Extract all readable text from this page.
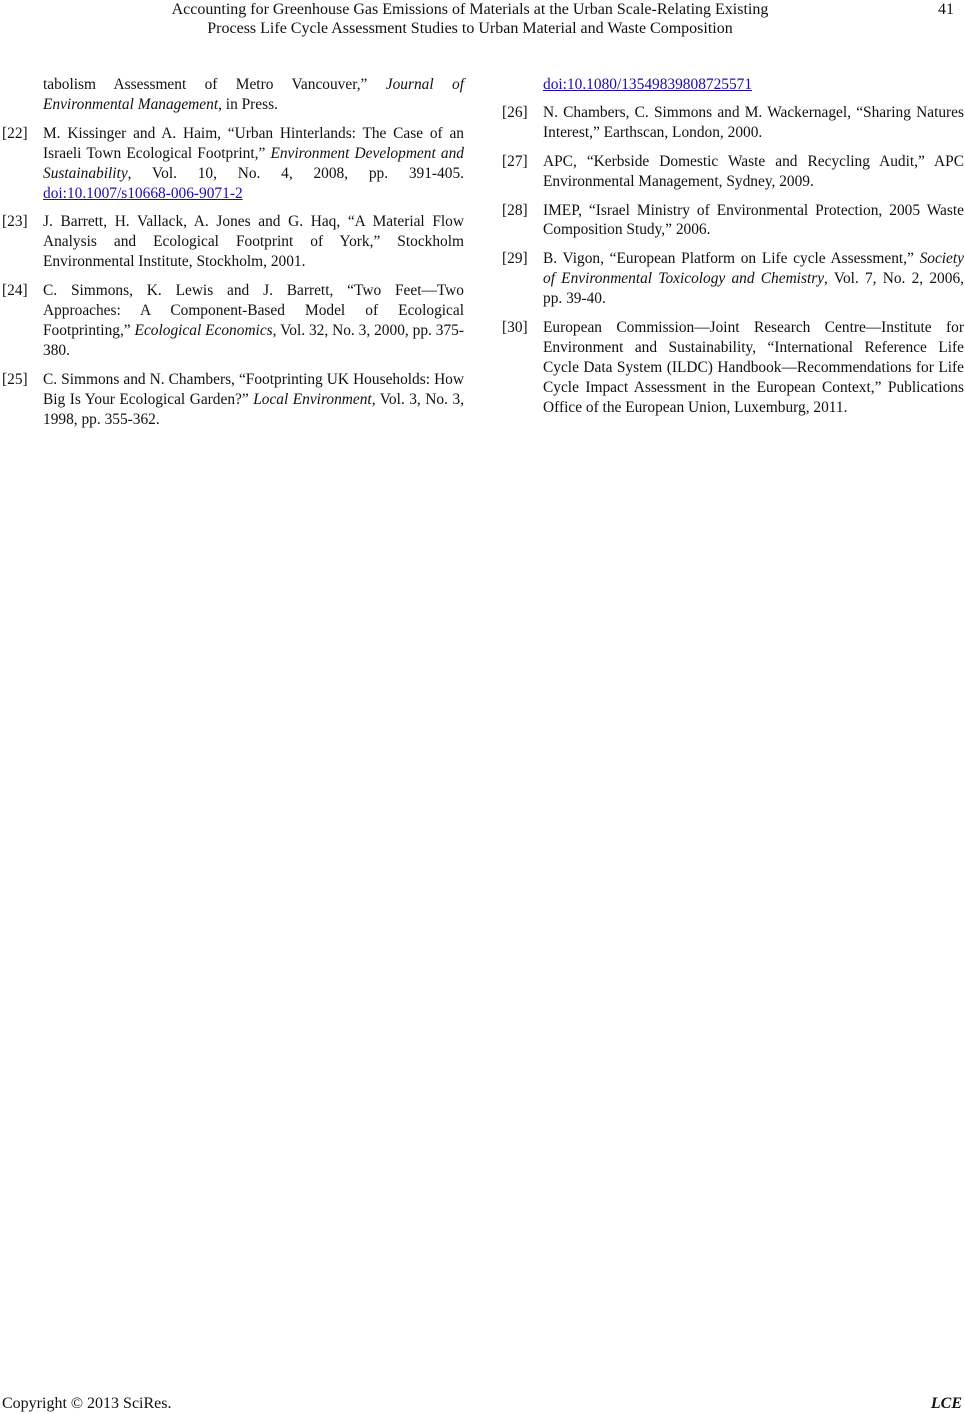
Accounting for Greenhouse Gas Emissions of Materials at the Urban Scale-Relating Existing
Process Life Cycle Assessment Studies to Urban Material and Waste Composition
41

tabolism Assessment of Metro Vancouver,” Journal of Environmental Management, in Press.

[22] M. Kissinger and A. Haim, “Urban Hinterlands: The Case of an Israeli Town Ecological Footprint,” Environment Development and Sustainability, Vol. 10, No. 4, 2008, pp. 391-405. doi:10.1007/s10668-006-9071-2
[23] J. Barrett, H. Vallack, A. Jones and G. Haq, “A Material Flow Analysis and Ecological Footprint of York,” Stockholm Environmental Institute, Stockholm, 2001.
[24] C. Simmons, K. Lewis and J. Barrett, “Two Feet—Two Approaches: A Component-Based Model of Ecological Footprinting,” Ecological Economics, Vol. 32, No. 3, 2000, pp. 375-380.
[25] C. Simmons and N. Chambers, “Footprinting UK Households: How Big Is Your Ecological Garden?” Local Environment, Vol. 3, No. 3, 1998, pp. 355-362.

doi:10.1080/13549839808725571

[26] N. Chambers, C. Simmons and M. Wackernagel, “Sharing Natures Interest,” Earthscan, London, 2000.
[27] APC, “Kerbside Domestic Waste and Recycling Audit,” APC Environmental Management, Sydney, 2009.
[28] IMEP, “Israel Ministry of Environmental Protection, 2005 Waste Composition Study,” 2006.
[29] B. Vigon, “European Platform on Life cycle Assessment,” Society of Environmental Toxicology and Chemistry, Vol. 7, No. 2, 2006, pp. 39-40.
[30] European Commission—Joint Research Centre—Institute for Environment and Sustainability, “International Reference Life Cycle Data System (ILDC) Handbook—Recommendations for Life Cycle Impact Assessment in the European Context,” Publications Office of the European Union, Luxemburg, 2011.
Copyright © 2013 SciRes.	LCE
